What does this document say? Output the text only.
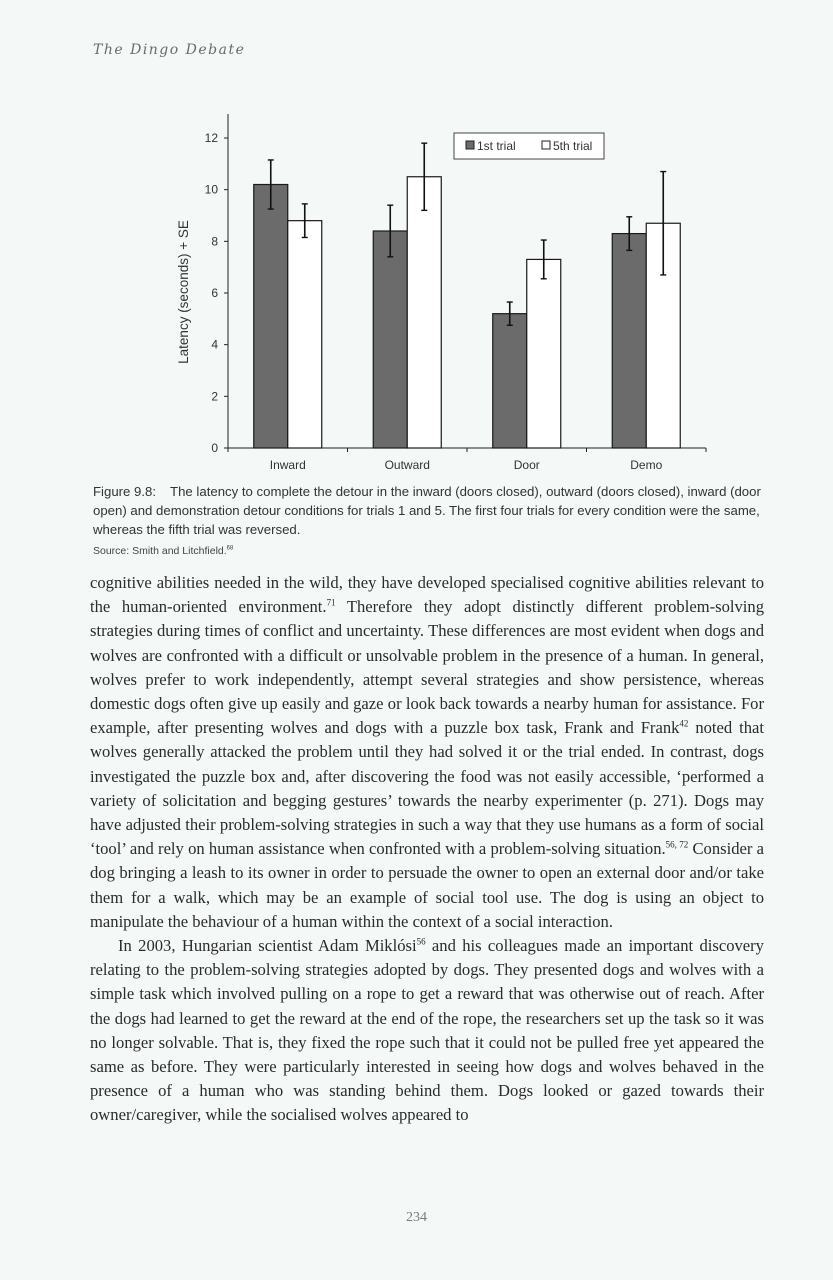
The Dingo Debate
0
2
4
6
8
10
12
Inward	Outward	Door	Demo
Latency (seconds) + SE
1st trial	5th trial
Figure 9.8: The latency to complete the detour in the inward (doors closed), outward (doors closed), inward (door open) and demonstration detour conditions for trials 1 and 5. The first four trials for every condition were the same, whereas the fifth trial was reversed.
Source: Smith and Litchfield.$^{68}$

cognitive abilities needed in the wild, they have developed specialised cognitive abilities relevant to the human-oriented environment.$^{71}$ Therefore they adopt distinctly different problem-solving strategies during times of conflict and uncertainty. These differences are most evident when dogs and wolves are confronted with a difficult or unsolvable problem in the presence of a human. In general, wolves prefer to work independently, attempt several strategies and show persistence, whereas domestic dogs often give up easily and gaze or look back towards a nearby human for assistance. For example, after presenting wolves and dogs with a puzzle box task, Frank and Frank$^{42}$ noted that wolves generally attacked the problem until they had solved it or the trial ended. In contrast, dogs investigated the puzzle box and, after discovering the food was not easily accessible, ‘performed a variety of solicitation and begging gestures’ towards the nearby experimenter (p. 271). Dogs may have adjusted their problem-solving strategies in such a way that they use humans as a form of social ‘tool’ and rely on human assistance when confronted with a problem-solving situation.$^{56, 72}$ Consider a dog bringing a leash to its owner in order to persuade the owner to open an external door and/or take them for a walk, which may be an example of social tool use. The dog is using an object to manipulate the behaviour of a human within the context of a social interaction.

In 2003, Hungarian scientist Adam Miklósi$^{56}$ and his colleagues made an important discovery relating to the problem-solving strategies adopted by dogs. They presented dogs and wolves with a simple task which involved pulling on a rope to get a reward that was otherwise out of reach. After the dogs had learned to get the reward at the end of the rope, the researchers set up the task so it was no longer solvable. That is, they fixed the rope such that it could not be pulled free yet appeared the same as before. They were particularly interested in seeing how dogs and wolves behaved in the presence of a human who was standing behind them. Dogs looked or gazed towards their owner/caregiver, while the socialised wolves appeared to

234
